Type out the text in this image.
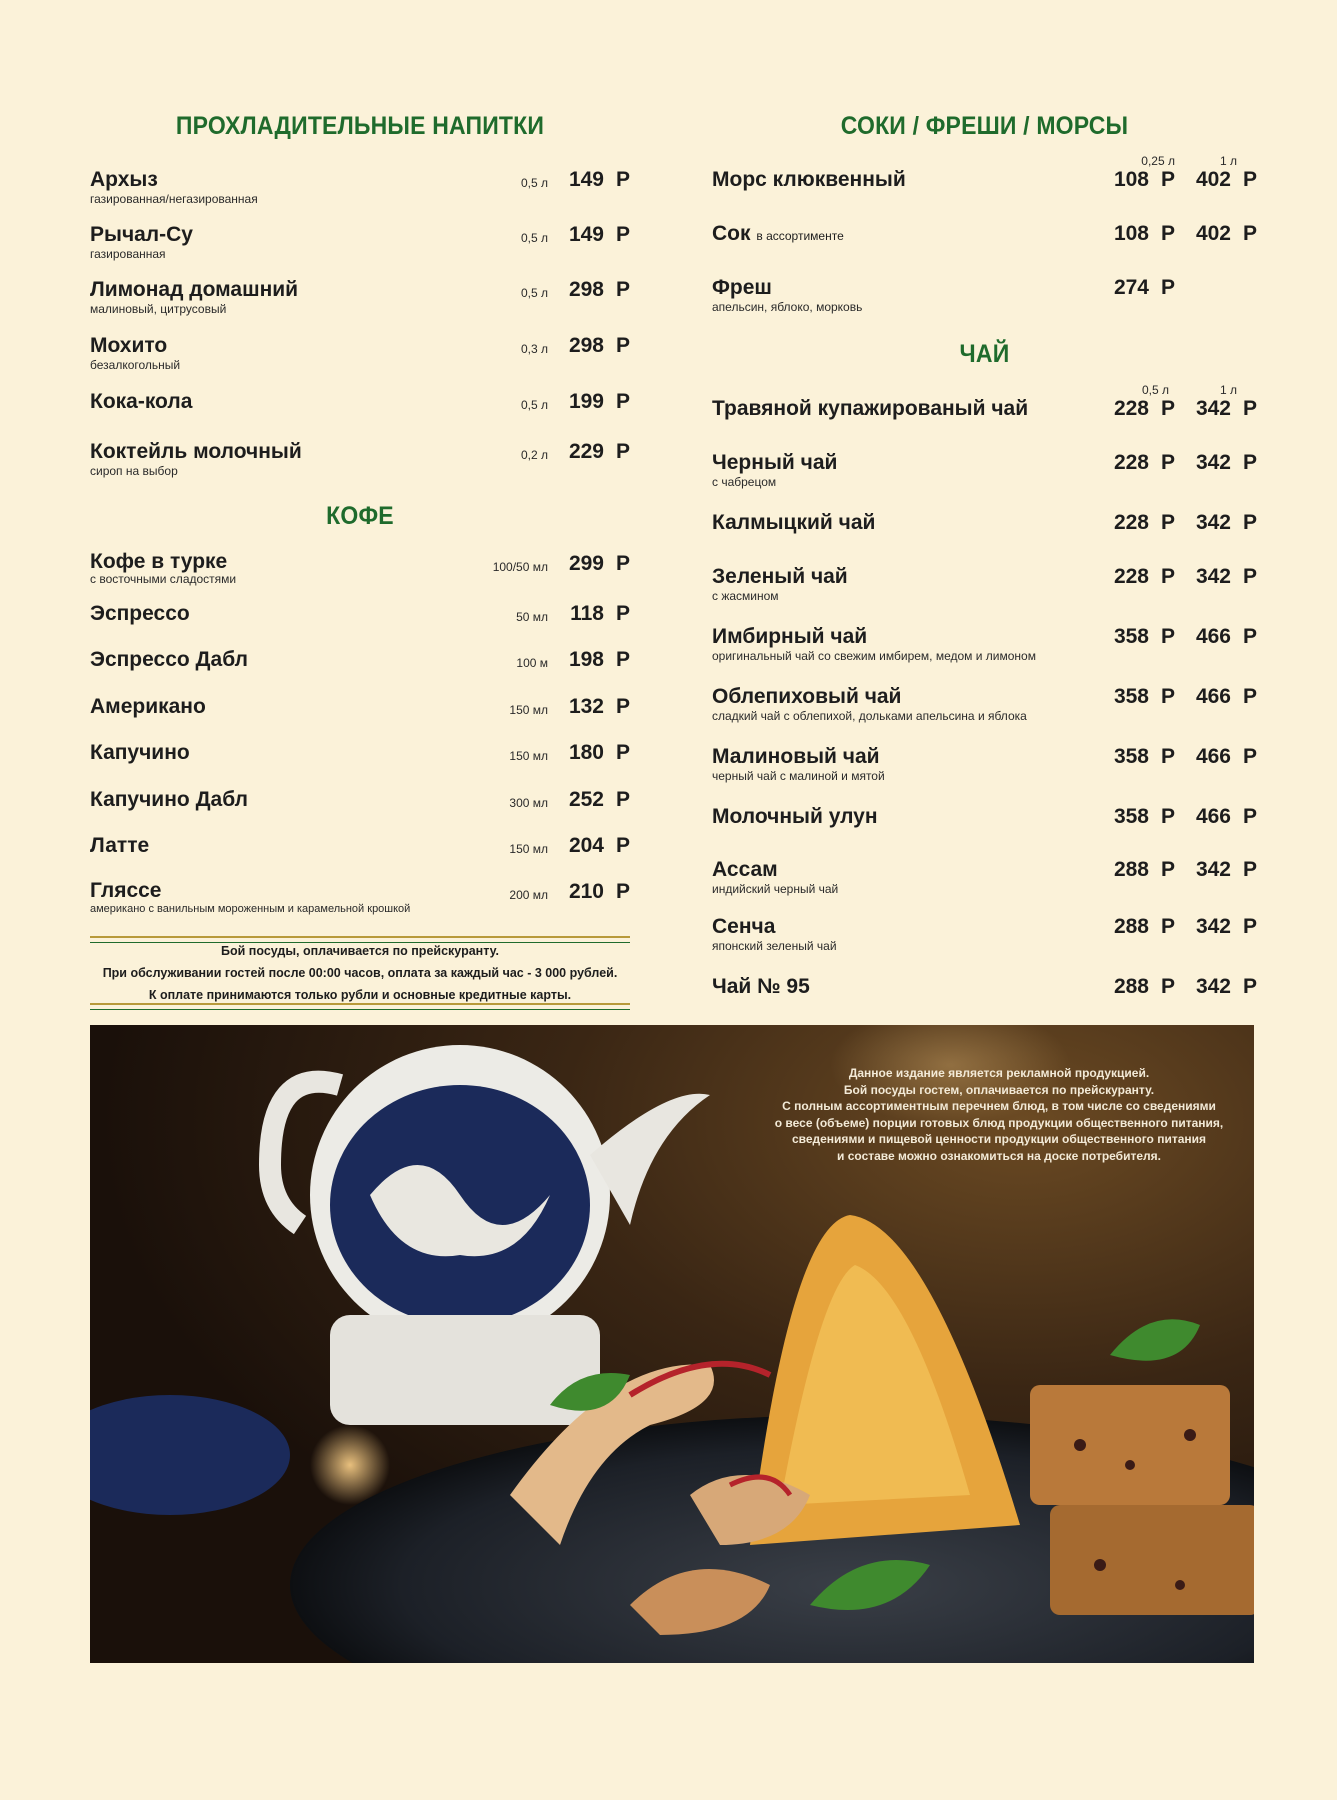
ПРОХЛАДИТЕЛЬНЫЕ НАПИТКИ
Архыз
газированная/негазированная
0,5 л 149 Р
Рычал-Су
газированная
0,5 л 149 Р
Лимонад домашний
малиновый, цитрусовый
0,5 л 298 Р
Мохито
безалкогольный
0,3 л 298 Р
Кока-кола	0,5 л 199 Р
Коктейль молочный
сироп на выбор
0,2 л 229 Р
КОФЕ
Кофе в турке
с восточными сладостями
100/50 мл 299 Р
Эспрессо	50 мл 118 Р
Эспрессо Дабл	100 м 198 Р
Американо	150 мл 132 Р
Капучино	150 мл 180 Р
Капучино Дабл	300 мл 252 Р
Латте	150 мл 204 Р
Гляссе
американо с ванильным мороженным и карамельной крошкой
200 мл 210 Р
Бой посуды, оплачивается по прейскуранту.
При обслуживании гостей после 00:00 часов, оплата за каждый час - 3 000 рублей.
К оплате принимаются только рубли и основные кредитные карты.
СОКИ / ФРЕШИ / МОРСЫ
0,25 л	1 л
Морс клюквенный	108 Р 402 Р
Сок в ассортименте	108 Р 402 Р
Фреш
апельсин, яблоко, морковь
274 Р
ЧАЙ
0,5 л	1 л
Травяной купажированый чай	228 Р 342 Р
Черный чай
с чабрецом
228 Р 342 Р
Калмыцкий чай	228 Р 342 Р
Зеленый чай
с жасмином
228 Р 342 Р
Имбирный чай
оригинальный чай со свежим имбирем, медом и лимоном
358 Р 466 Р
Облепиховый чай
сладкий чай с облепихой, дольками апельсина и яблока
358 Р 466 Р
Малиновый чай
черный чай с малиной и мятой
358 Р 466 Р
Молочный улун	358 Р 466 Р
Ассам
индийский черный чай
288 Р 342 Р
Сенча
японский зеленый чай
288 Р 342 Р
Чай № 95	288 Р 342 Р
Данное издание является рекламной продукцией.
Бой посуды гостем, оплачивается по прейскуранту.
С полным ассортиментным перечнем блюд, в том числе со сведениями
о весе (объеме) порции готовых блюд продукции общественного питания,
сведениями и пищевой ценности продукции общественного питания
и составе можно ознакомиться на доске потребителя.
